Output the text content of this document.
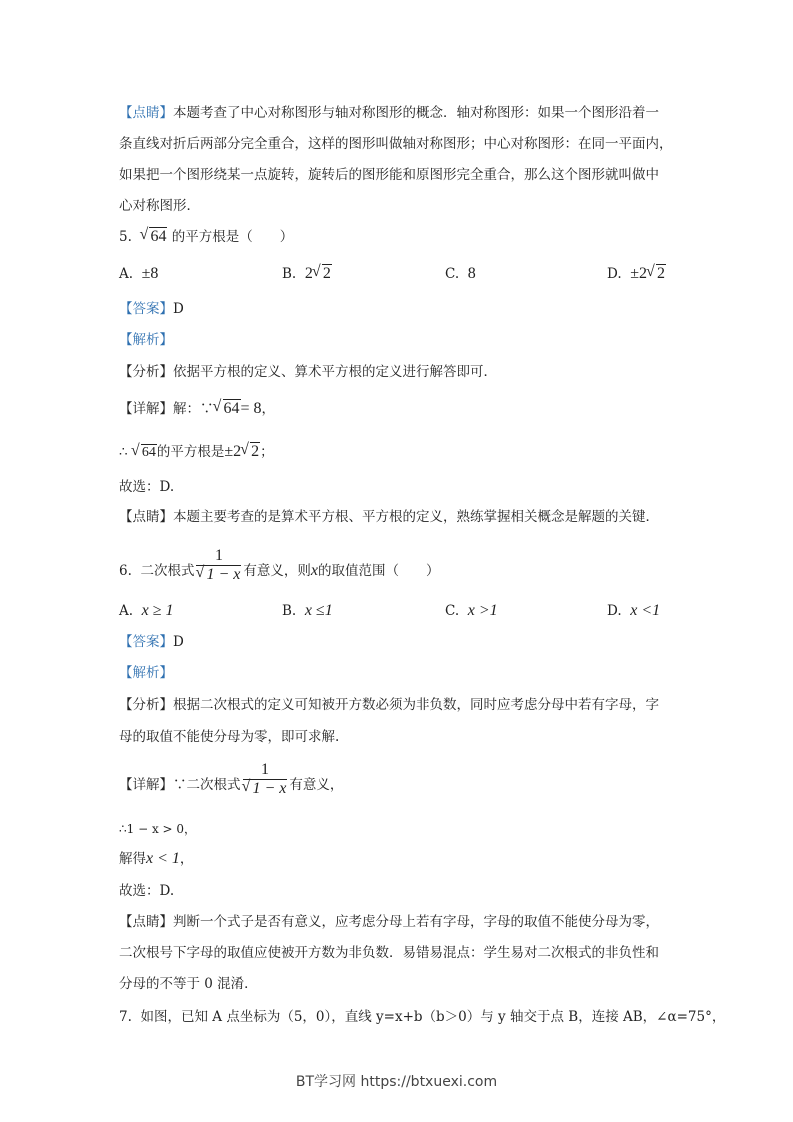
【点睛】本题考查了中心对称图形与轴对称图形的概念．轴对称图形：如果一个图形沿着一
条直线对折后两部分完全重合，这样的图形叫做轴对称图形；中心对称图形：在同一平面内，
如果把一个图形绕某一点旋转，旋转后的图形能和原图形完全重合，那么这个图形就叫做中
心对称图形．
5. √ 64 的平方根是（　　）
A. ±8	B. 2 √ 2	C. 8	D. ±2 √ 2
【答案】D
【解析】
【分析】依据平方根的定义、算术平方根的定义进行解答即可．
【详解】解：∵ √ 64= 8，
∴ √ 64的平方根是±2 √ 2；
故选：D.
【点睛】本题主要考查的是算术平方根、平方根的定义，熟练掌握相关概念是解题的关键．
6. 二次根式 1
√ 1 − x 有意义，则x的取值范围（　　）
A. x ≥ 1	B. x ≤1	C. x >1	D. x <1
【答案】D
【解析】
【分析】根据二次根式的定义可知被开方数必须为非负数，同时应考虑分母中若有字母，字
母的取值不能使分母为零，即可求解.
【详解】∵二次根式 1
√ 1 − x 有意义，
∴1 − x > 0，
解得x < 1，
故选：D.
【点睛】判断一个式子是否有意义，应考虑分母上若有字母，字母的取值不能使分母为零，
二次根号下字母的取值应使被开方数为非负数．易错易混点：学生易对二次根式的非负性和
分母的不等于 0 混淆．
7. 如图，已知 A 点坐标为（5，0），直线 y=x+b（b＞0）与 y 轴交于点 B，连接 AB，∠α=75°，
BT学习网 https://btxuexi.com
